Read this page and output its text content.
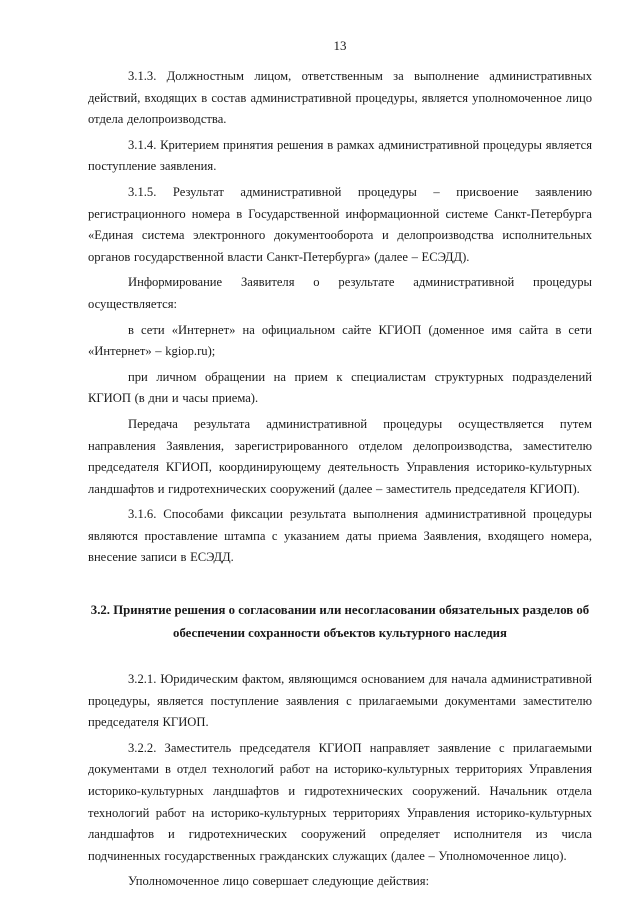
13

3.1.3. Должностным лицом, ответственным за выполнение административных действий, входящих в состав административной процедуры, является уполномоченное лицо отдела делопроизводства.

3.1.4. Критерием принятия решения в рамках административной процедуры является поступление заявления.

3.1.5. Результат административной процедуры – присвоение заявлению регистрационного номера в Государственной информационной системе Санкт-Петербурга «Единая система электронного документооборота и делопроизводства исполнительных органов государственной власти Санкт-Петербурга» (далее – ЕСЭДД).

Информирование Заявителя о результате административной процедуры осуществляется:

в сети «Интернет» на официальном сайте КГИОП (доменное имя сайта в сети «Интернет» – kgiop.ru);

при личном обращении на прием к специалистам структурных подразделений КГИОП (в дни и часы приема).

Передача результата административной процедуры осуществляется путем направления Заявления, зарегистрированного отделом делопроизводства, заместителю председателя КГИОП, координирующему деятельность Управления историко-культурных ландшафтов и гидротехнических сооружений (далее – заместитель председателя КГИОП).

3.1.6. Способами фиксации результата выполнения административной процедуры являются проставление штампа с указанием даты приема Заявления, входящего номера, внесение записи в ЕСЭДД.

3.2. Принятие решения о согласовании или несогласовании обязательных разделов об обеспечении сохранности объектов культурного наследия

3.2.1. Юридическим фактом, являющимся основанием для начала административной процедуры, является поступление заявления с прилагаемыми документами заместителю председателя КГИОП.

3.2.2. Заместитель председателя КГИОП направляет заявление с прилагаемыми документами в отдел технологий работ на историко-культурных территориях Управления историко-культурных ландшафтов и гидротехнических сооружений. Начальник отдела технологий работ на историко-культурных территориях Управления историко-культурных ландшафтов и гидротехнических сооружений определяет исполнителя из числа подчиненных государственных гражданских служащих (далее – Уполномоченное лицо).

Уполномоченное лицо совершает следующие действия:
